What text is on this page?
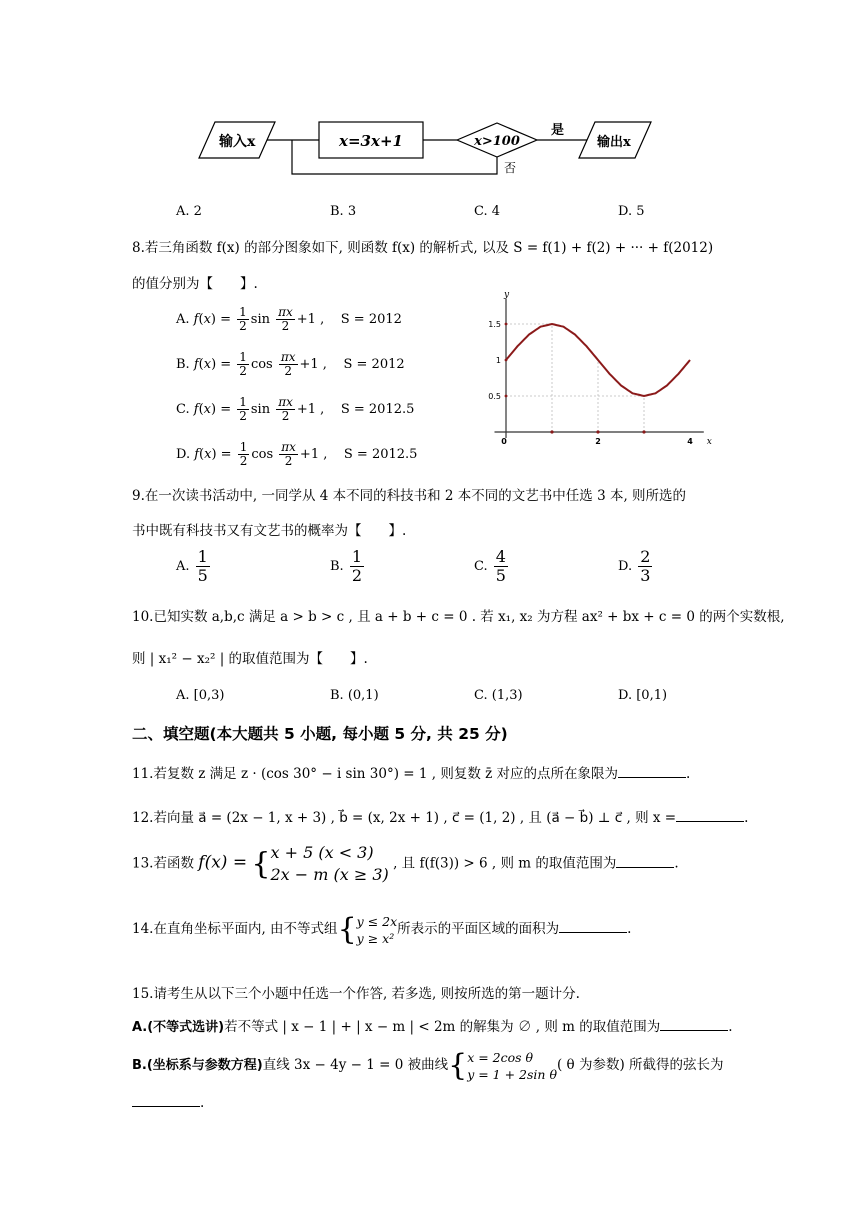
输入x	x=3x+1	x>100
是
输出x
否
A. 2	B. 3	C. 4	D. 5
8.若三角函数 f(x) 的部分图象如下, 则函数 f(x) 的解析式, 以及 S = f(1) + f(2) + ··· + f(2012)
的值分别为【　　】.
A. $f(x) = \frac{1}{2}$ $\sin \frac{\pi x}{2} +1$ ,    S = 2012
B. $f(x) = \frac{1}{2}$ $\cos \frac{\pi x}{2} +1$ ,    S = 2012
C. $f(x) = \frac{1}{2}$ $\sin \frac{\pi x}{2} +1$ ,    S = 2012.5
D. $f(x) = \frac{1}{2}$ $\cos \frac{\pi x}{2} +1$ ,    S = 2012.5
0.5
1
1.5
0	2	4 x
y
9.在一次读书活动中, 一同学从 4 本不同的科技书和 2 本不同的文艺书中任选 3 本, 则所选的
书中既有科技书又有文艺书的概率为【　　】.
A. $\frac{1}{5}$	B. $\frac{1}{2}$	C. $\frac{4}{5}$	D. $\frac{2}{3}$
10.已知实数 a,b,c 满足 a > b > c , 且 a + b + c = 0 . 若 x₁, x₂ 为方程 ax² + bx + c = 0 的两个实数根,
则 | x₁² − x₂² | 的取值范围为【　　】.
A. [0,3)	B. (0,1)	C. (1,3)	D. [0,1)
二、填空题(本大题共 5 小题, 每小题 5 分, 共 25 分)
11.若复数 z 满足 z · (cos 30° − i sin 30°) = 1 , 则复数 z̄ 对应的点所在象限为	.
12.若向量 a⃗ = (2x − 1, x + 3) , b⃗ = (x, 2x + 1) , c⃗ = (1, 2) , 且 (a⃗ − b⃗) ⊥ c⃗ , 则 x =	.
13.若函数 f(x) = { x + 5 (x < 3)
2x − m (x ≥ 3)
, 且 f(f(3)) > 6 , 则 m 的取值范围为	.
14.在直角坐标平面内, 由不等式组{ y ≤ 2x
y ≥ x²
所表示的平面区域的面积为	.
15.请考生从以下三个小题中任选一个作答, 若多选, 则按所选的第一题计分.
A.(不等式选讲)若不等式 | x − 1 | + | x − m | < 2m 的解集为 ∅ , 则 m 的取值范围为	.
B.(坐标系与参数方程)直线 3x − 4y − 1 = 0 被曲线{ x = 2cos θ
y = 1 + 2sin θ
( θ 为参数) 所截得的弦长为
.
